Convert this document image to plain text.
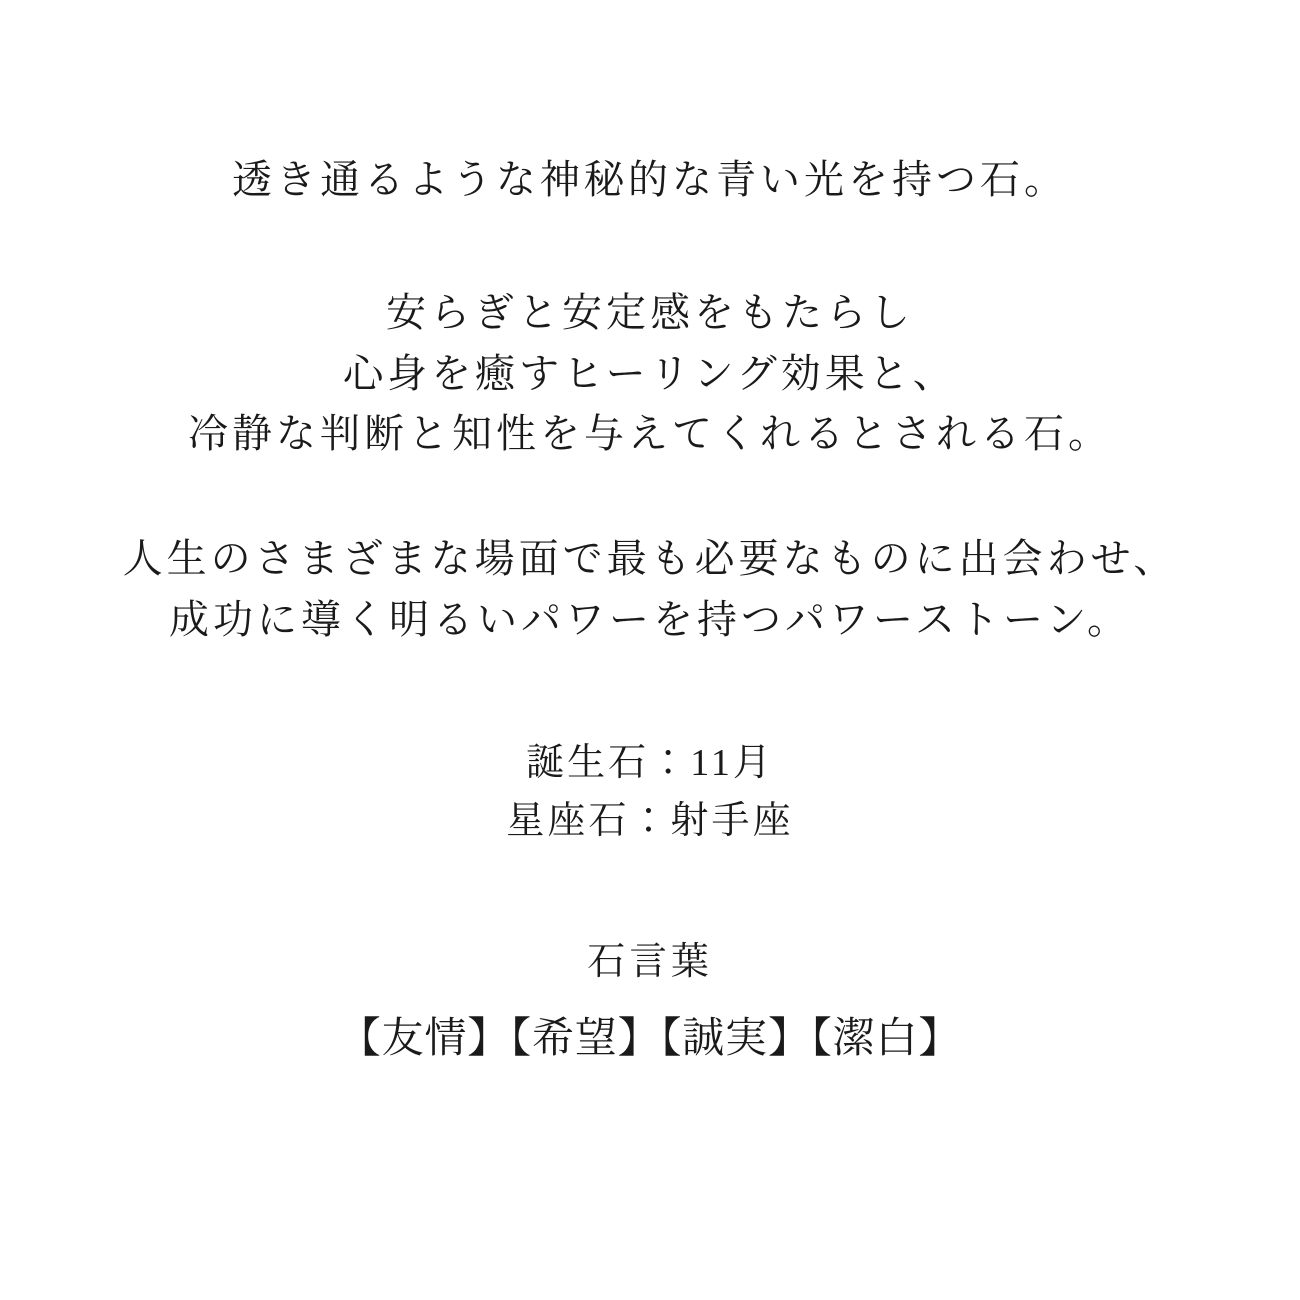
透き通るような神秘的な青い光を持つ石。
安らぎと安定感をもたらし
心身を癒すヒーリング効果と、
冷静な判断と知性を与えてくれるとされる石。
人生のさまざまな場面で最も必要なものに出会わせ、
成功に導く明るいパワーを持つパワーストーン。
誕生石：11月
星座石：射手座
石言葉
【友情】【希望】【誠実】【潔白】
